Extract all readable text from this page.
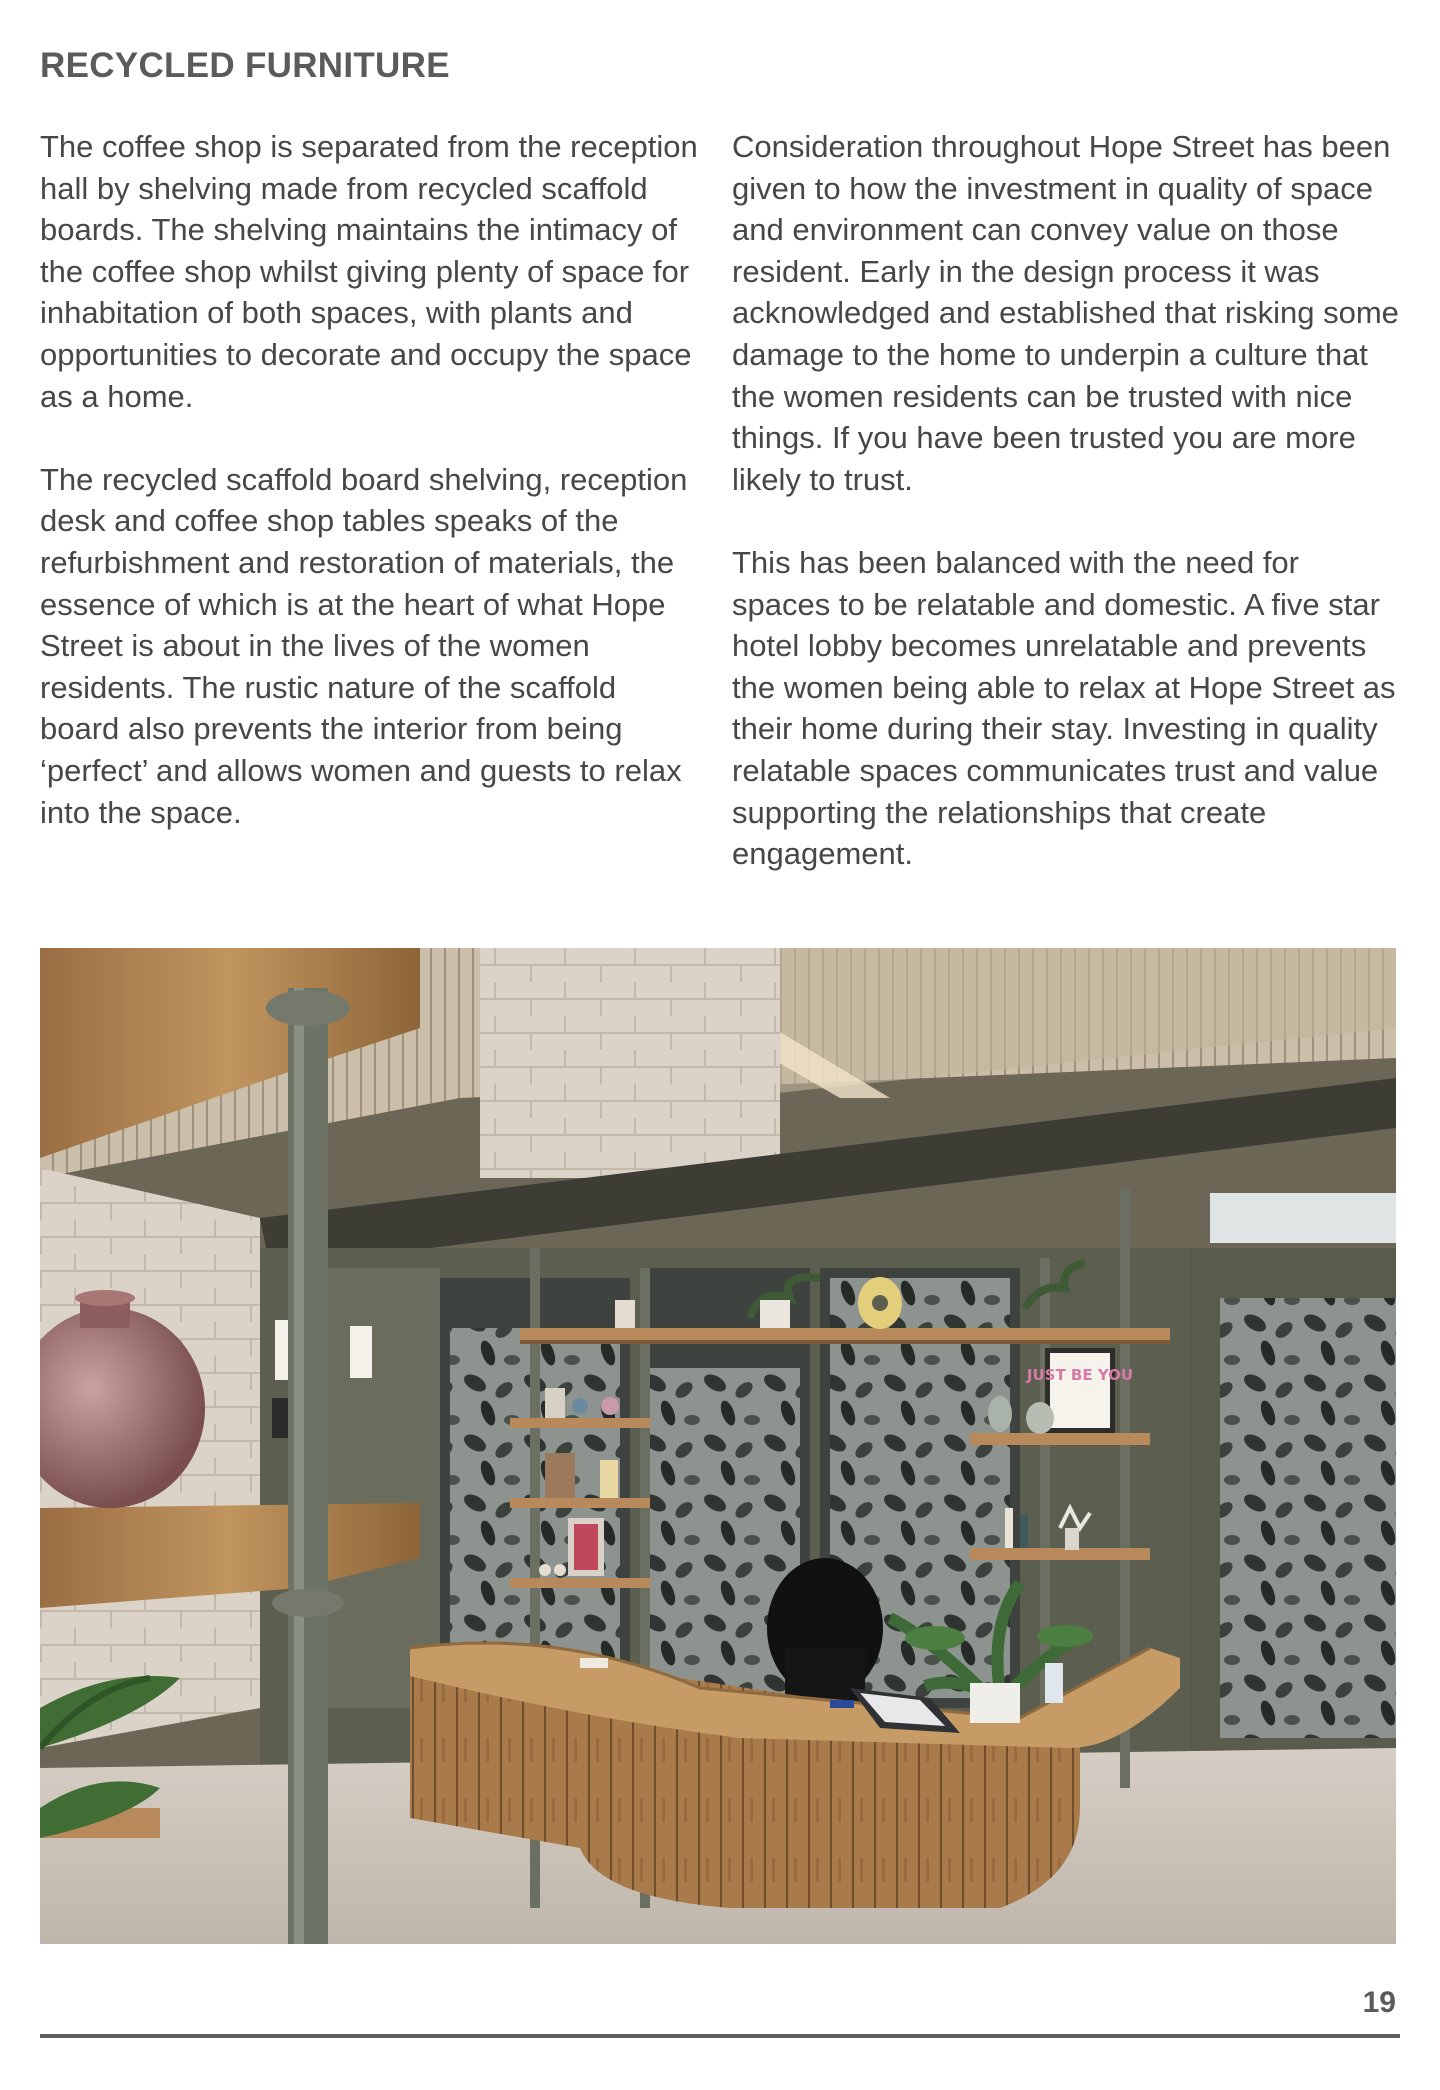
RECYCLED FURNITURE

The coffee shop is separated from the reception hall by shelving made from recycled scaffold boards. The shelving maintains the intimacy of the coffee shop whilst giving plenty of space for inhabitation of both spaces, with plants and opportunities to decorate and occupy the space as a home.

The recycled scaffold board shelving, reception desk and coffee shop tables speaks of the refurbishment and restoration of materials, the essence of which is at the heart of what Hope Street is about in the lives of the women residents. The rustic nature of the scaffold board also prevents the interior from being ‘perfect’ and allows women and guests to relax into the space.

Consideration throughout Hope Street has been given to how the investment in quality of space and environment can convey value on those resident. Early in the design process it was acknowledged and established that risking some damage to the home to underpin a culture that the women residents can be trusted with nice things. If you have been trusted you are more likely to trust.

This has been balanced with the need for spaces to be relatable and domestic. A five star hotel lobby becomes unrelatable and prevents the women being able to relax at Hope Street as their home during their stay. Investing in quality relatable spaces communicates trust and value supporting the relationships that create engagement.

JUST BE YOU
19
